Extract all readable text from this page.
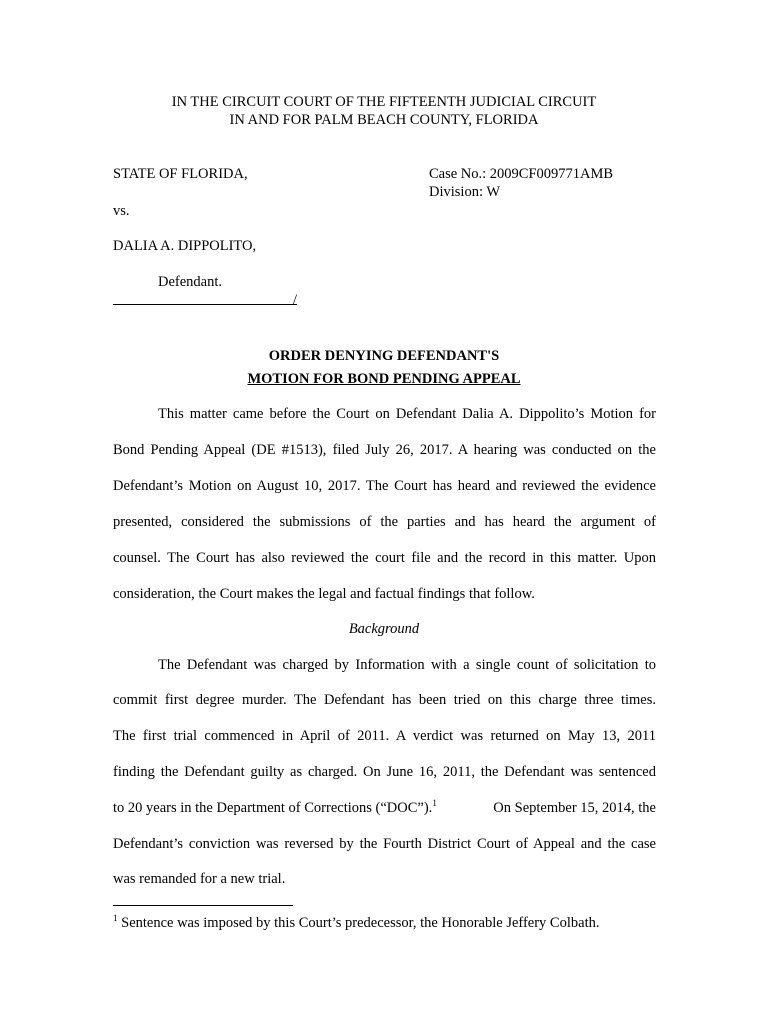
IN THE CIRCUIT COURT OF THE FIFTEENTH JUDICIAL CIRCUIT
IN AND FOR PALM BEACH COUNTY, FLORIDA
STATE OF FLORIDA,	Case No.: 2009CF009771AMB
Division: W
vs.
DALIA A. DIPPOLITO,
Defendant.
/
ORDER DENYING DEFENDANT'S
MOTION FOR BOND PENDING APPEAL
This matter came before the Court on Defendant Dalia A. Dippolito’s Motion for
Bond Pending Appeal (DE #1513), filed July 26, 2017. A hearing was conducted on the
Defendant’s Motion on August 10, 2017. The Court has heard and reviewed the evidence
presented, considered the submissions of the parties and has heard the argument of
counsel. The Court has also reviewed the court file and the record in this matter. Upon
consideration, the Court makes the legal and factual findings that follow.
Background
The Defendant was charged by Information with a single count of solicitation to
commit first degree murder. The Defendant has been tried on this charge three times.
The first trial commenced in April of 2011. A verdict was returned on May 13, 2011
finding the Defendant guilty as charged. On June 16, 2011, the Defendant was sentenced
to 20 years in the Department of Corrections (“DOC”).$^1$	On September 15, 2014, the
Defendant’s conviction was reversed by the Fourth District Court of Appeal and the case
was remanded for a new trial.
$^1$ Sentence was imposed by this Court’s predecessor, the Honorable Jeffery Colbath.
